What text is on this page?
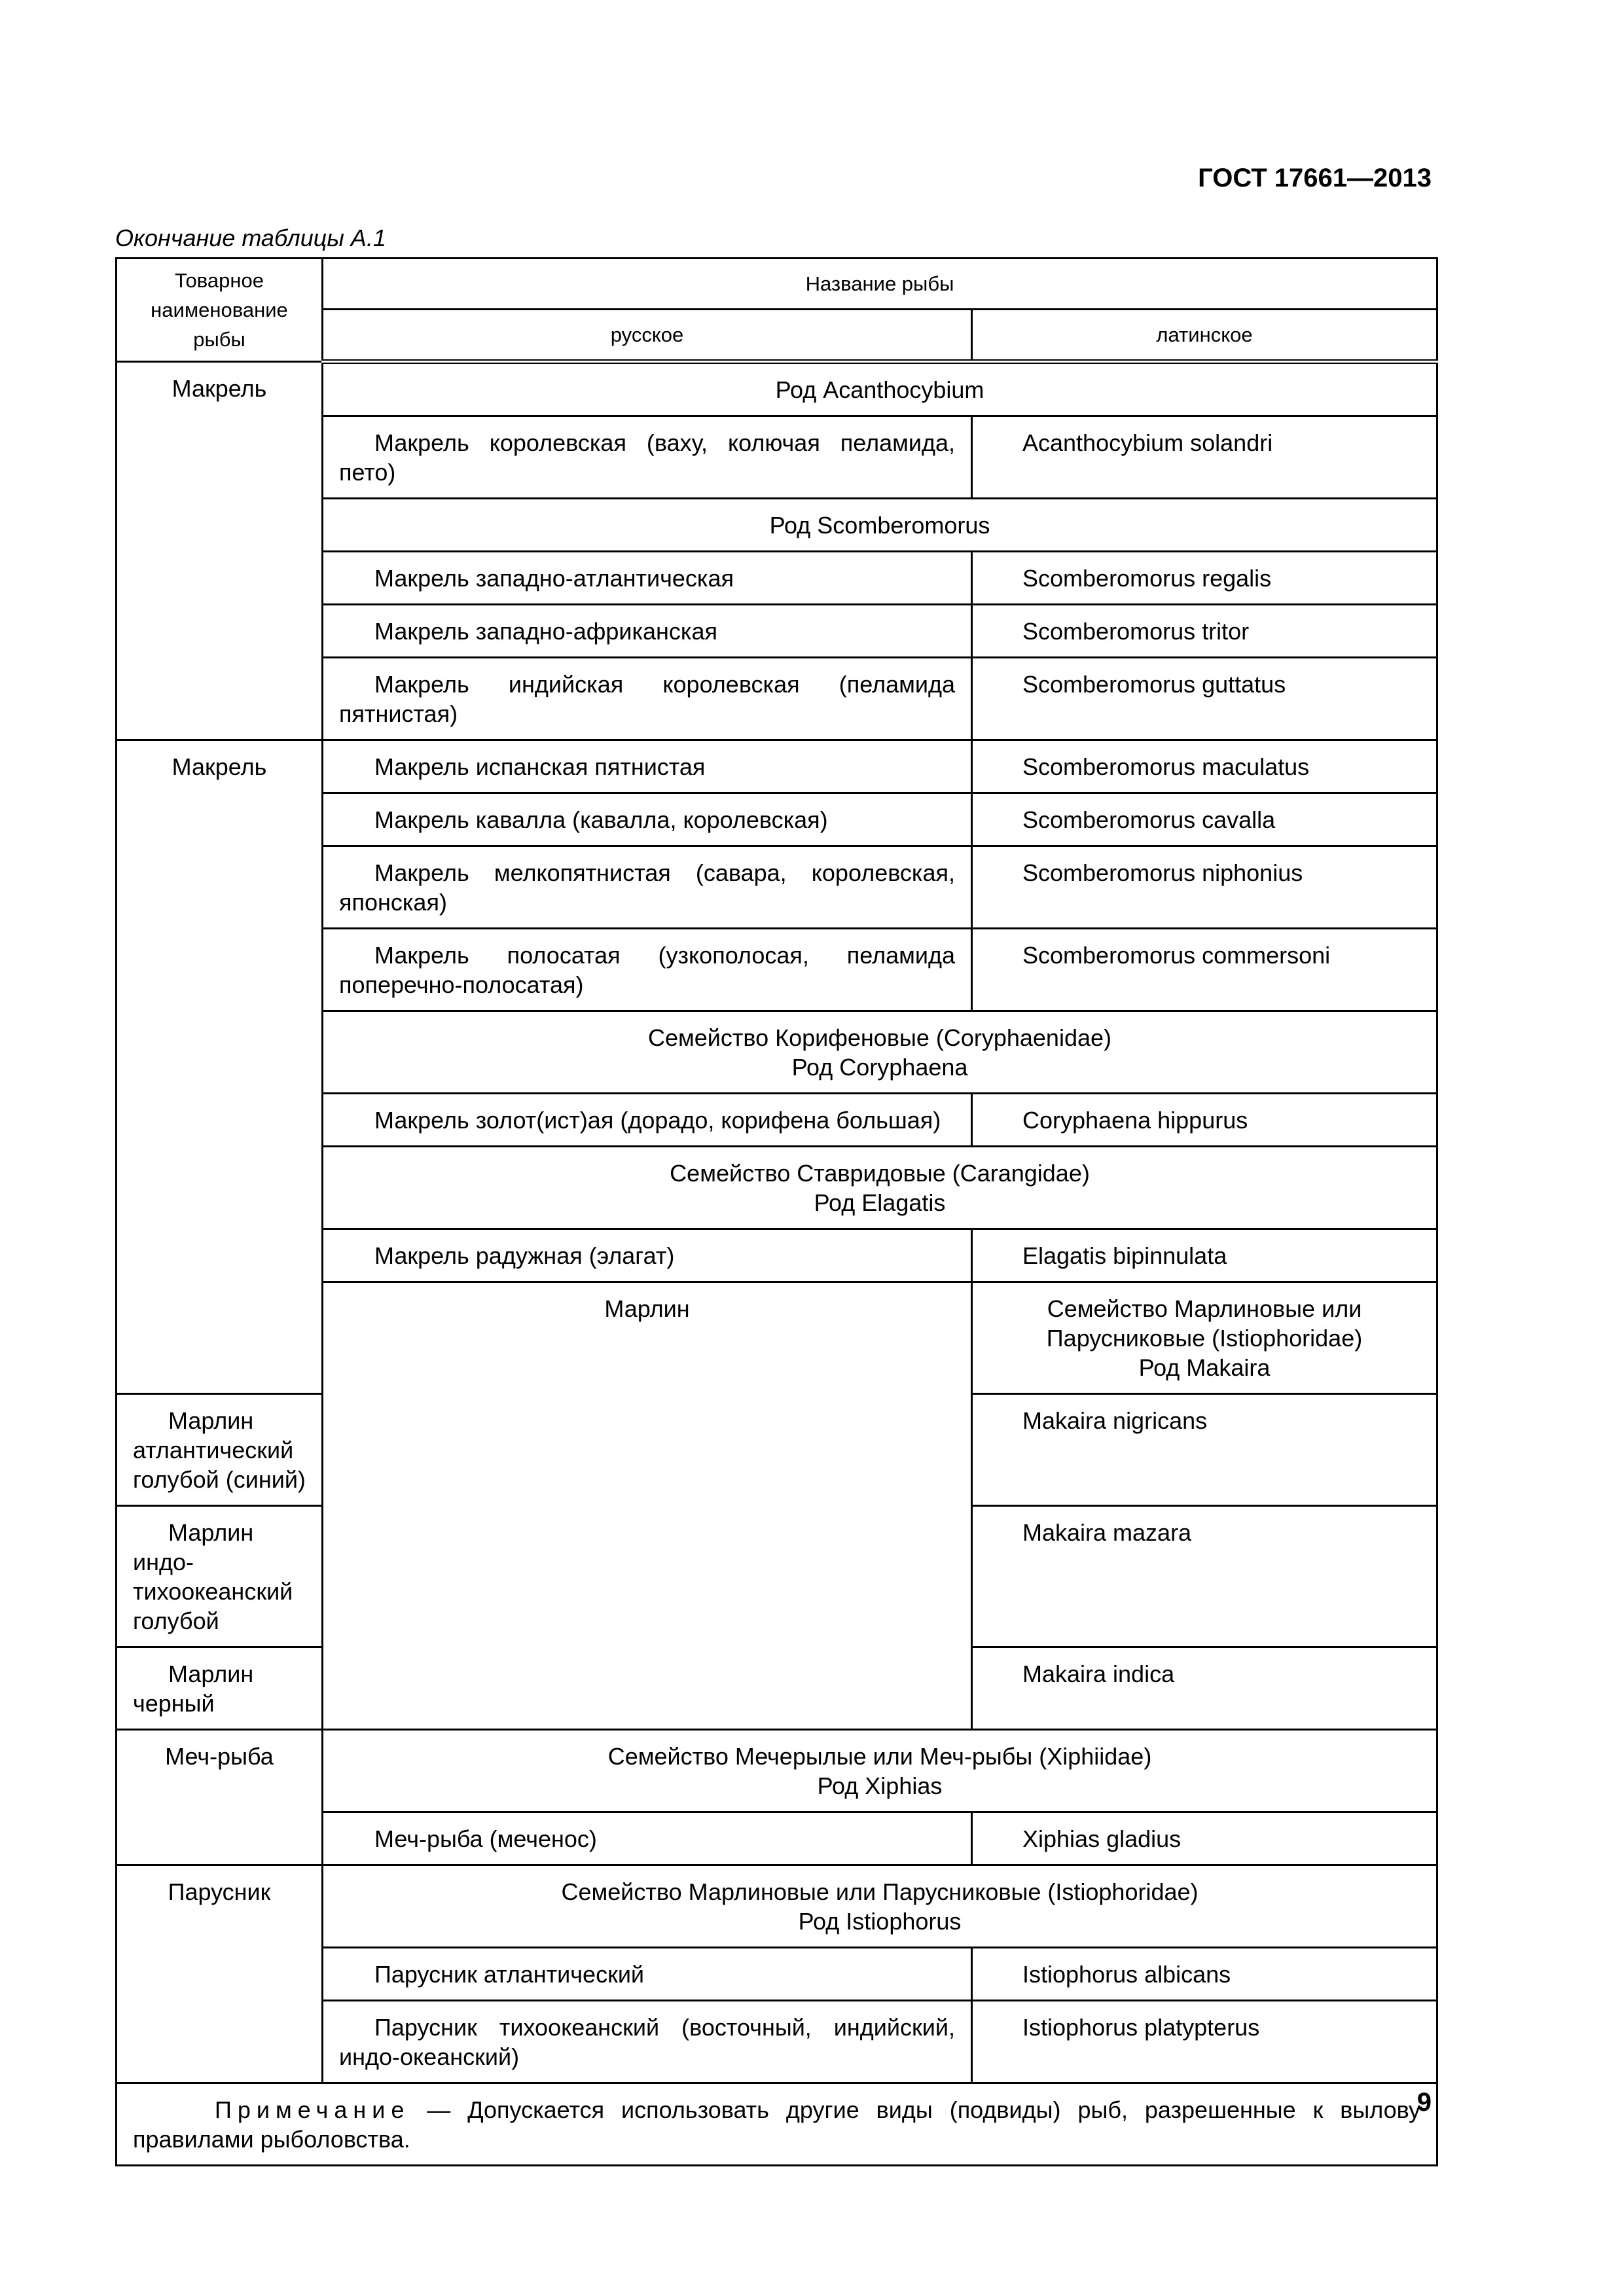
ГОСТ 17661—2013
Окончание таблицы А.1
Товарное наименование рыбы	Название рыбы	
	русское	латинское
Макрель	Род Acanthocybium	
	Макрель королевская (ваху, колючая пеламида, пето)	Acanthocybium solandri
	Род Scomberomorus	
	Макрель западно-атлантическая	Scomberomorus regalis
	Макрель западно-африканская	Scomberomorus tritor
	Макрель индийская королевская (пеламида пятнистая)	Scomberomorus guttatus
Макрель	Макрель испанская пятнистая	Scomberomorus maculatus
	Макрель кавалла (кавалла, королевская)	Scomberomorus cavalla
	Макрель мелкопятнистая (савара, королевская, японская)	Scomberomorus niphonius
	Макрель полосатая (узкополосая, пеламида поперечно-полосатая)	Scomberomorus commersoni

	Семейство Корифеновые (Coryphaenidae)
Род Coryphaena	

	Макрель золот(ист)ая (дорадо, корифена большая)	Coryphaena hippurus

	Семейство Ставридовые (Carangidae)
Род Elagatis	

	Макрель радужная (элагат)	Elagatis bipinnulata
	Марлин	Семейство Марлиновые или Парусниковые (Istiophoridae)
Род Makaira

Марлин атлантический голубой (синий)		Makaira nigricans
Марлин индо-тихоокеанский голубой		Makaira mazara
Марлин черный		Makaira indica
Меч-рыба	Семейство Мечерылые или Меч-рыбы (Xiphiidae)
Род Xiphias	

	Меч-рыба (меченос)	Xiphias gladius
Парусник	Семейство Марлиновые или Парусниковые (Istiophoridae)
Род Istiophorus	

	Парусник атлантический	Istiophorus albicans
	Парусник тихоокеанский (восточный, индийский, индо-океанский)	Istiophorus platypterus
Примечание — Допускается использовать другие виды (подвиды) рыб, разрешенные к вылову правилами рыболовства.		
9
